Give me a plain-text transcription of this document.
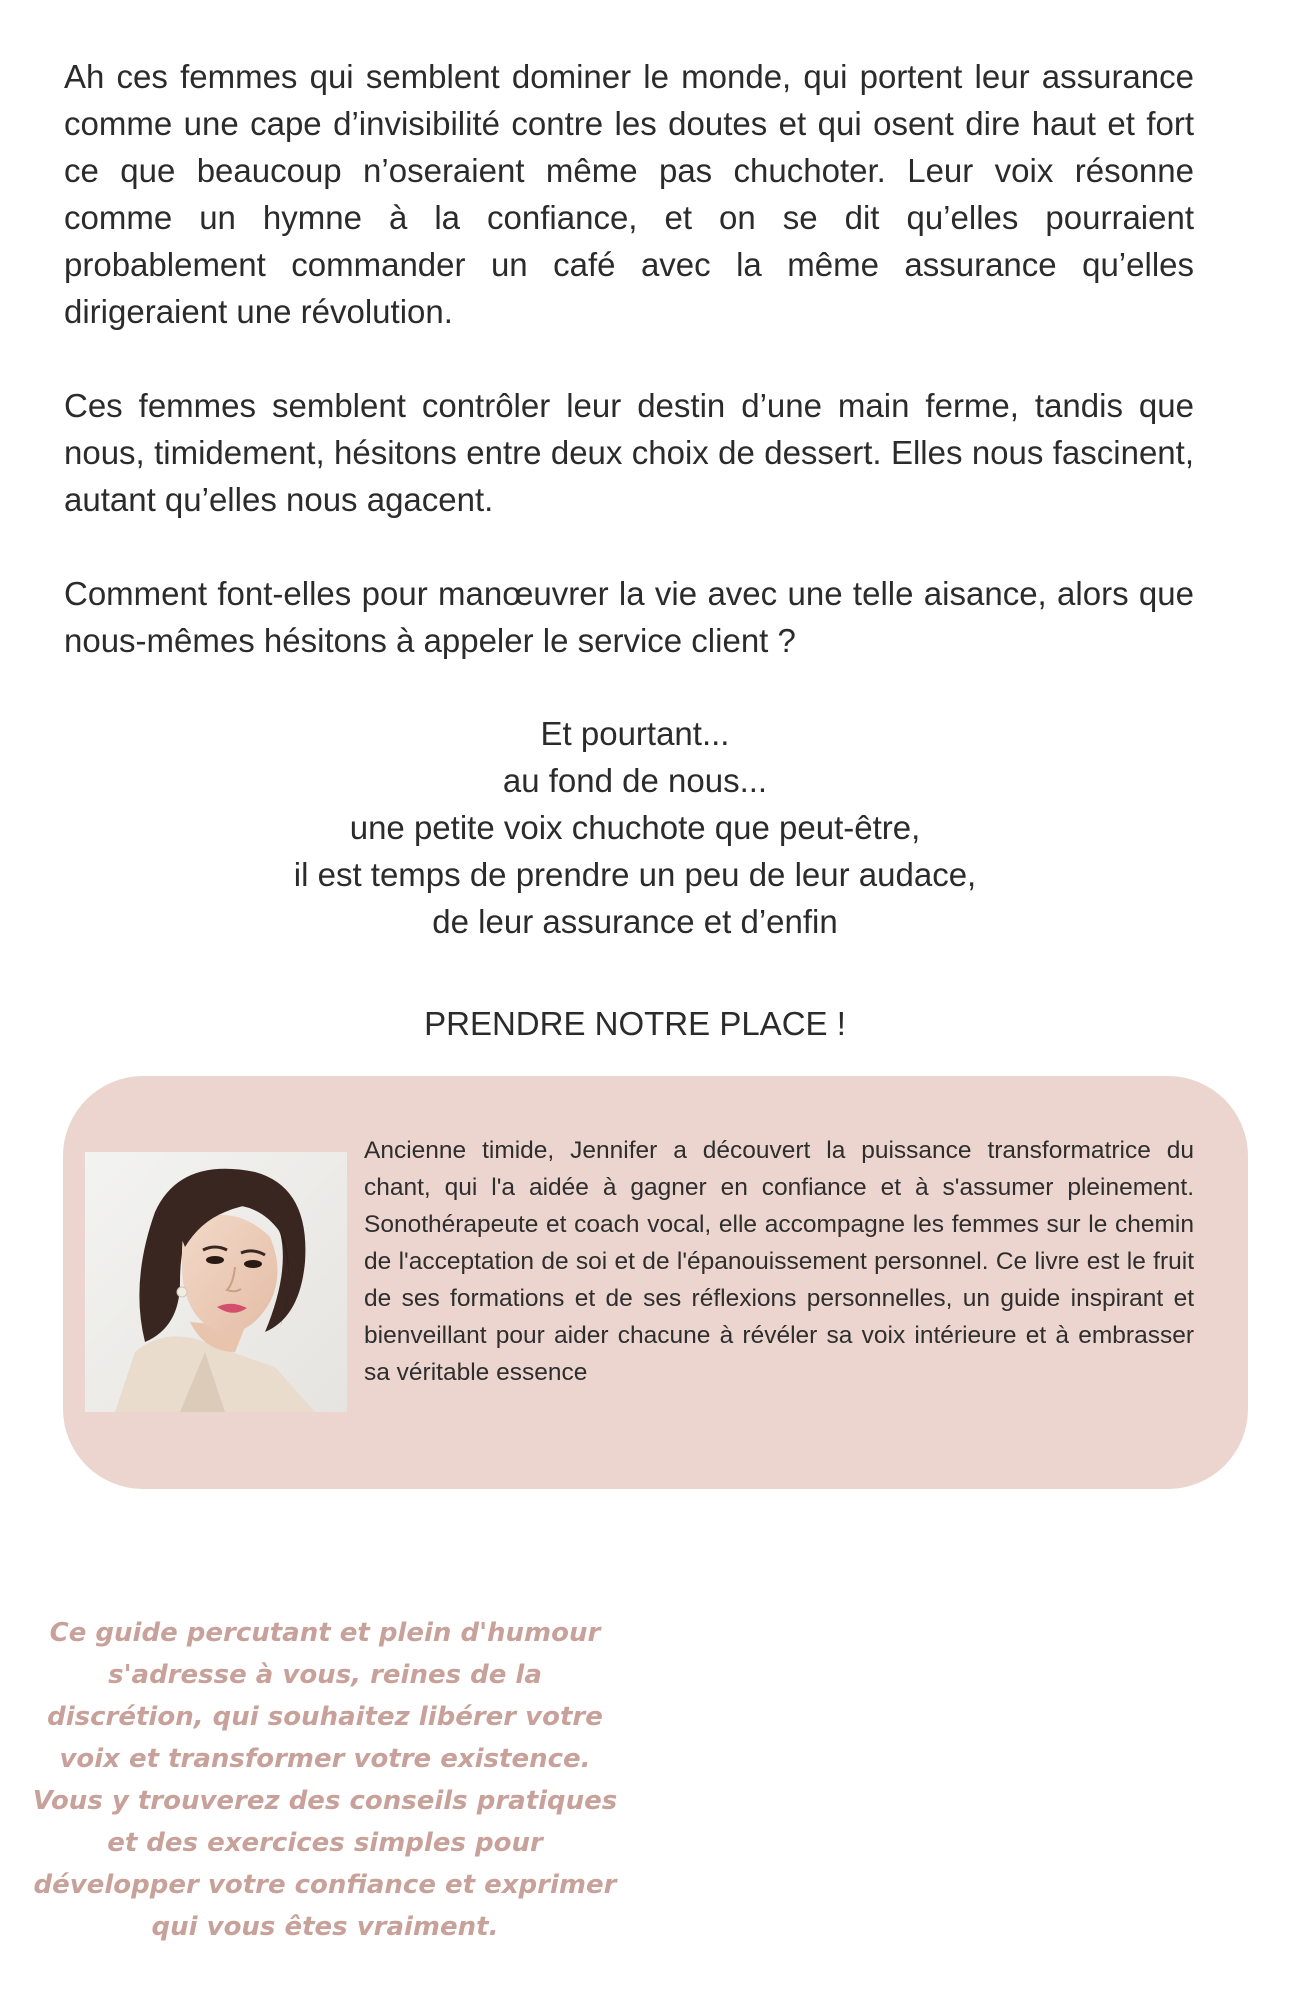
Ah ces femmes qui semblent dominer le monde, qui portent leur assurance comme une cape d’invisibilité contre les doutes et qui osent dire haut et fort ce que beaucoup n’oseraient même pas chuchoter. Leur voix résonne comme un hymne à la confiance, et on se dit qu’elles pourraient probablement commander un café avec la même assurance qu’elles dirigeraient une révolution.

Ces femmes semblent contrôler leur destin d’une main ferme, tandis que nous, timidement, hésitons entre deux choix de dessert. Elles nous fascinent, autant qu’elles nous agacent.

Comment font-elles pour manœuvrer la vie avec une telle aisance, alors que nous-mêmes hésitons à appeler le service client ?

Et pourtant...
au fond de nous...
une petite voix chuchote que peut-être,
il est temps de prendre un peu de leur audace,
de leur assurance et d’enfin
PRENDRE NOTRE PLACE !

Ancienne timide, Jennifer a découvert la puissance transformatrice du chant, qui l'a aidée à gagner en confiance et à s'assumer pleinement. Sonothérapeute et coach vocal, elle accompagne les femmes sur le chemin de l'acceptation de soi et de l'épanouissement personnel. Ce livre est le fruit de ses formations et de ses réflexions personnelles, un guide inspirant et bienveillant pour aider chacune à révéler sa voix intérieure et à embrasser sa véritable essence

Ce guide percutant et plein d'humour s'adresse à vous, reines de la discrétion, qui souhaitez libérer votre voix et transformer votre existence. Vous y trouverez des conseils pratiques et des exercices simples pour développer votre confiance et exprimer qui vous êtes vraiment.
